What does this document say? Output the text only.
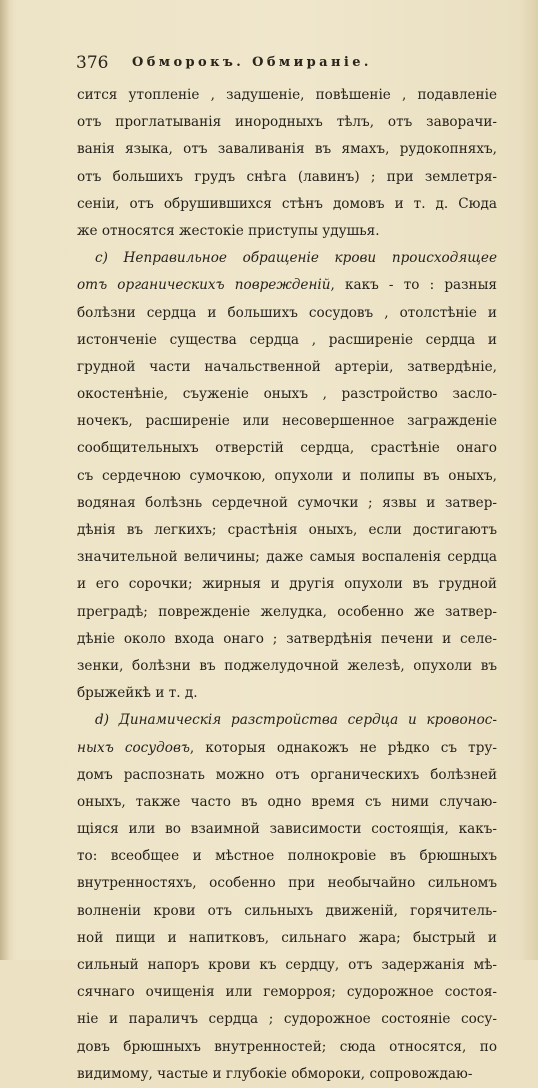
376 Обморокъ. Обмиранiе.
сится утопленiе , задушенiе, повѣшенiе , подавленiе
отъ проглатыванiя инородныхъ тѣлъ, отъ заворачи-
ванiя языка, отъ заваливанiя въ ямахъ, рудокопняхъ,
отъ большихъ грудъ снѣга (лавинъ) ; при землетря-
сенiи, отъ обрушившихся стѣнъ домовъ и т. д. Сюда
же относятся жестокiе приступы удушья.
c) Неправильное обращенiе крови происходящее
отъ органическихъ поврежденiй, какъ - то : разныя
болѣзни сердца и большихъ сосудовъ , отолстѣнiе и
истонченiе существа сердца , расширенiе сердца и
грудной части начальственной артерiи, затвердѣнiе,
окостенѣнiе, съуженiе оныхъ , разстройство засло-
ночекъ, расширенiе или несовершенное загражденiе
сообщительныхъ отверстiй сердца, срастѣнiе онаго
съ сердечною сумочкою, опухоли и полипы въ оныхъ,
водяная болѣзнь сердечной сумочки ; язвы и затвер-
дѣнiя въ легкихъ; срастѣнiя оныхъ, если достигаютъ
значительной величины; даже самыя воспаленiя сердца
и его сорочки; жирныя и другiя опухоли въ грудной
преградѣ; поврежденiе желудка, особенно же затвер-
дѣнiе около входа онаго ; затвердѣнiя печени и селе-
зенки, болѣзни въ поджелудочной железѣ, опухоли въ
брыжейкѣ и т. д.
d) Динамическiя разстройства сердца и кровонос-
ныхъ сосудовъ, которыя однакожъ не рѣдко съ тру-
домъ распознать можно отъ органическихъ болѣзней
оныхъ, также часто въ одно время съ ними случаю-
щiяся или во взаимной зависимости состоящiя, какъ-
то: всеобщее и мѣстное полнокровiе въ брюшныхъ
внутренностяхъ, особенно при необычайно сильномъ
волненiи крови отъ сильныхъ движенiй, горячитель-
ной пищи и напитковъ, сильнаго жара; быстрый и
сильный напоръ крови къ сердцу, отъ задержанiя мѣ-
сячнаго очищенiя или геморроя; судорожное состоя-
нiе и параличъ сердца ; судорожное состоянiе сосу-
довъ брюшныхъ внутренностей; сюда относятся, по
видимому, частые и глубокiе обмороки, сопровождаю-
